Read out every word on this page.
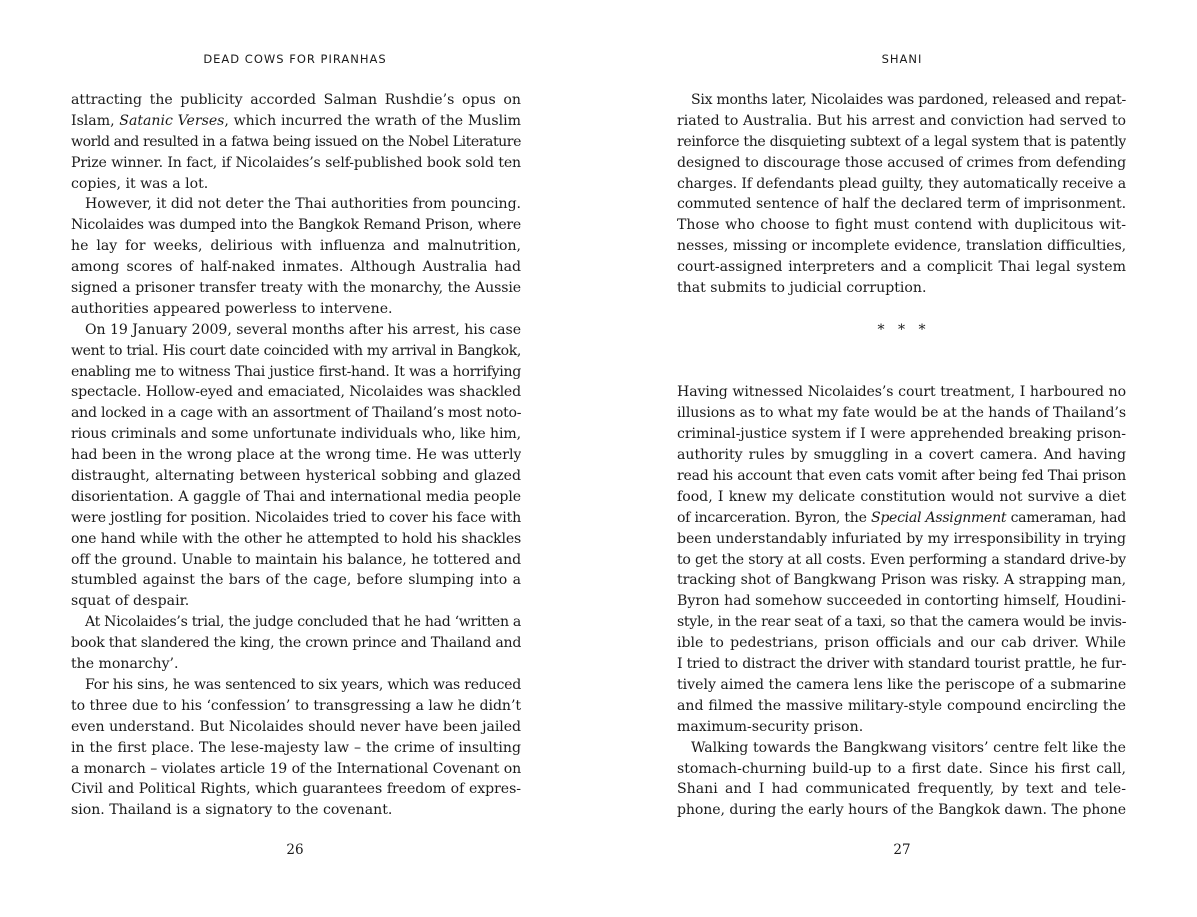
DEAD COWS FOR PIRANHAS
attracting the publicity accorded Salman Rushdie’s opus on
Islam, Satanic Verses, which incurred the wrath of the Muslim
world and resulted in a fatwa being issued on the Nobel Literature
Prize winner. In fact, if Nicolaides’s self-published book sold ten
copies, it was a lot.
However, it did not deter the Thai authorities from pouncing.
Nicolaides was dumped into the Bangkok Remand Prison, where
he lay for weeks, delirious with influenza and malnutrition,
among scores of half-naked inmates. Although Australia had
signed a prisoner transfer treaty with the monarchy, the Aussie
authorities appeared powerless to intervene.
On 19 January 2009, several months after his arrest, his case
went to trial. His court date coincided with my arrival in Bangkok,
enabling me to witness Thai justice first-hand. It was a horrifying
spectacle. Hollow-eyed and emaciated, Nicolaides was shackled
and locked in a cage with an assortment of Thailand’s most noto-
rious criminals and some unfortunate individuals who, like him,
had been in the wrong place at the wrong time. He was utterly
distraught, alternating between hysterical sobbing and glazed
disorientation. A gaggle of Thai and international media people
were jostling for position. Nicolaides tried to cover his face with
one hand while with the other he attempted to hold his shackles
off the ground. Unable to maintain his balance, he tottered and
stumbled against the bars of the cage, before slumping into a
squat of despair.
At Nicolaides’s trial, the judge concluded that he had ‘written a
book that slandered the king, the crown prince and Thailand and
the monarchy’.
For his sins, he was sentenced to six years, which was reduced
to three due to his ‘confession’ to transgressing a law he didn’t
even understand. But Nicolaides should never have been jailed
in the first place. The lese-majesty law – the crime of insulting
a monarch – violates article 19 of the International Covenant on
Civil and Political Rights, which guarantees freedom of expres-
sion. Thailand is a signatory to the covenant.
26
SHANI
Six months later, Nicolaides was pardoned, released and repat-
riated to Australia. But his arrest and conviction had served to
reinforce the disquieting subtext of a legal system that is patently
designed to discourage those accused of crimes from defending
charges. If defendants plead guilty, they automatically receive a
commuted sentence of half the declared term of imprisonment.
Those who choose to fight must contend with duplicitous wit-
nesses, missing or incomplete evidence, translation difficulties,
court-assigned interpreters and a complicit Thai legal system
that submits to judicial corruption.
*   *   *
Having witnessed Nicolaides’s court treatment, I harboured no
illusions as to what my fate would be at the hands of Thailand’s
criminal-justice system if I were apprehended breaking prison-
authority rules by smuggling in a covert camera. And having
read his account that even cats vomit after being fed Thai prison
food, I knew my delicate constitution would not survive a diet
of incarceration. Byron, the Special Assignment cameraman, had
been understandably infuriated by my irresponsibility in trying
to get the story at all costs. Even performing a standard drive-by
tracking shot of Bangkwang Prison was risky. A strapping man,
Byron had somehow succeeded in contorting himself, Houdini-
style, in the rear seat of a taxi, so that the camera would be invis-
ible to pedestrians, prison officials and our cab driver. While
I tried to distract the driver with standard tourist prattle, he fur-
tively aimed the camera lens like the periscope of a submarine
and filmed the massive military-style compound encircling the
maximum-security prison.
Walking towards the Bangkwang visitors’ centre felt like the
stomach-churning build-up to a first date. Since his first call,
Shani and I had communicated frequently, by text and tele-
phone, during the early hours of the Bangkok dawn. The phone
27
